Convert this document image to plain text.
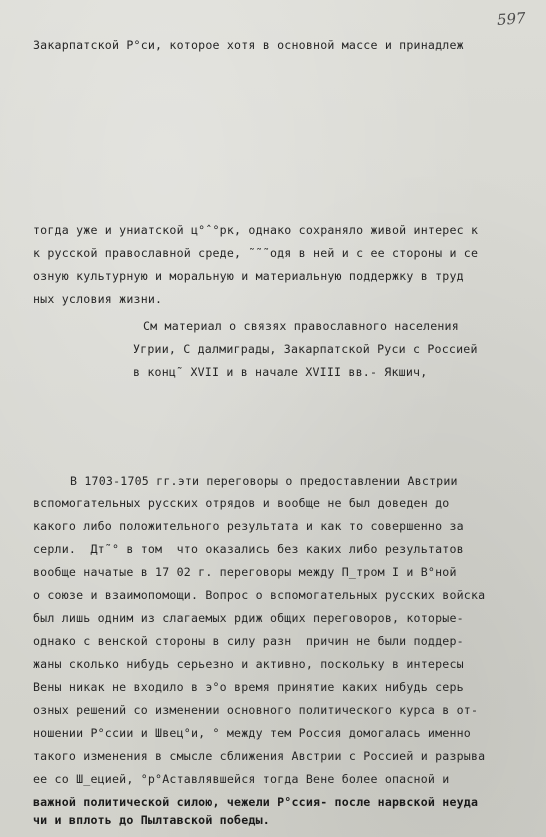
597
Закарпатской Р°си, которое хотя в основной массе и принадлеж
тогда уже и униатской ц°ˆ°рк, однако сохраняло живой интерес к
к русской православной среде, ˜˜˜одя в ней и с ее стороны и се
озную культурную и моральную и материальную поддержку в труд
ных условия жизни.
См материал о связях православного населения
Угрии, С далмиграды, Закарпатской Руси с Россией
в конц˜ XVII и в начале XVIII вв.- Якшич,
В 1703-1705 гг.эти переговоры о предоставлении Австрии
вспомогательных русских отрядов и вообще не был доведен до
какого либо положительного результата и как то совершенно за
серли.  Дт˜° в том  что оказались без каких либо результатов
вообще начатые в 17 02 г. переговоры между П_тром I и В°ной
о союзе и взаимопомощи. Вопрос о вспомогательных русских войска
был лишь одним из слагаемых рдиж общих переговоров, которые-
однако с венской стороны в силу разн  причин не были поддер-
жаны сколько нибудь серьезно и активно, поскольку в интересы
Вены никак не входило в э°о время принятие каких нибудь серь
озных решений со изменении основного политического курса в от-
ношении Р°ссии и Швец°и, ° между тем Россия домогалась именно
такого изменения в смысле сближения Австрии с Россией и разрыва
ее со Ш_ецией, °р°Аставлявшейся тогда Вене более опасной и
важной политической силою, чежели Р°ссия- после нарвской неуда
чи и вплоть до Пылтавской победы.
